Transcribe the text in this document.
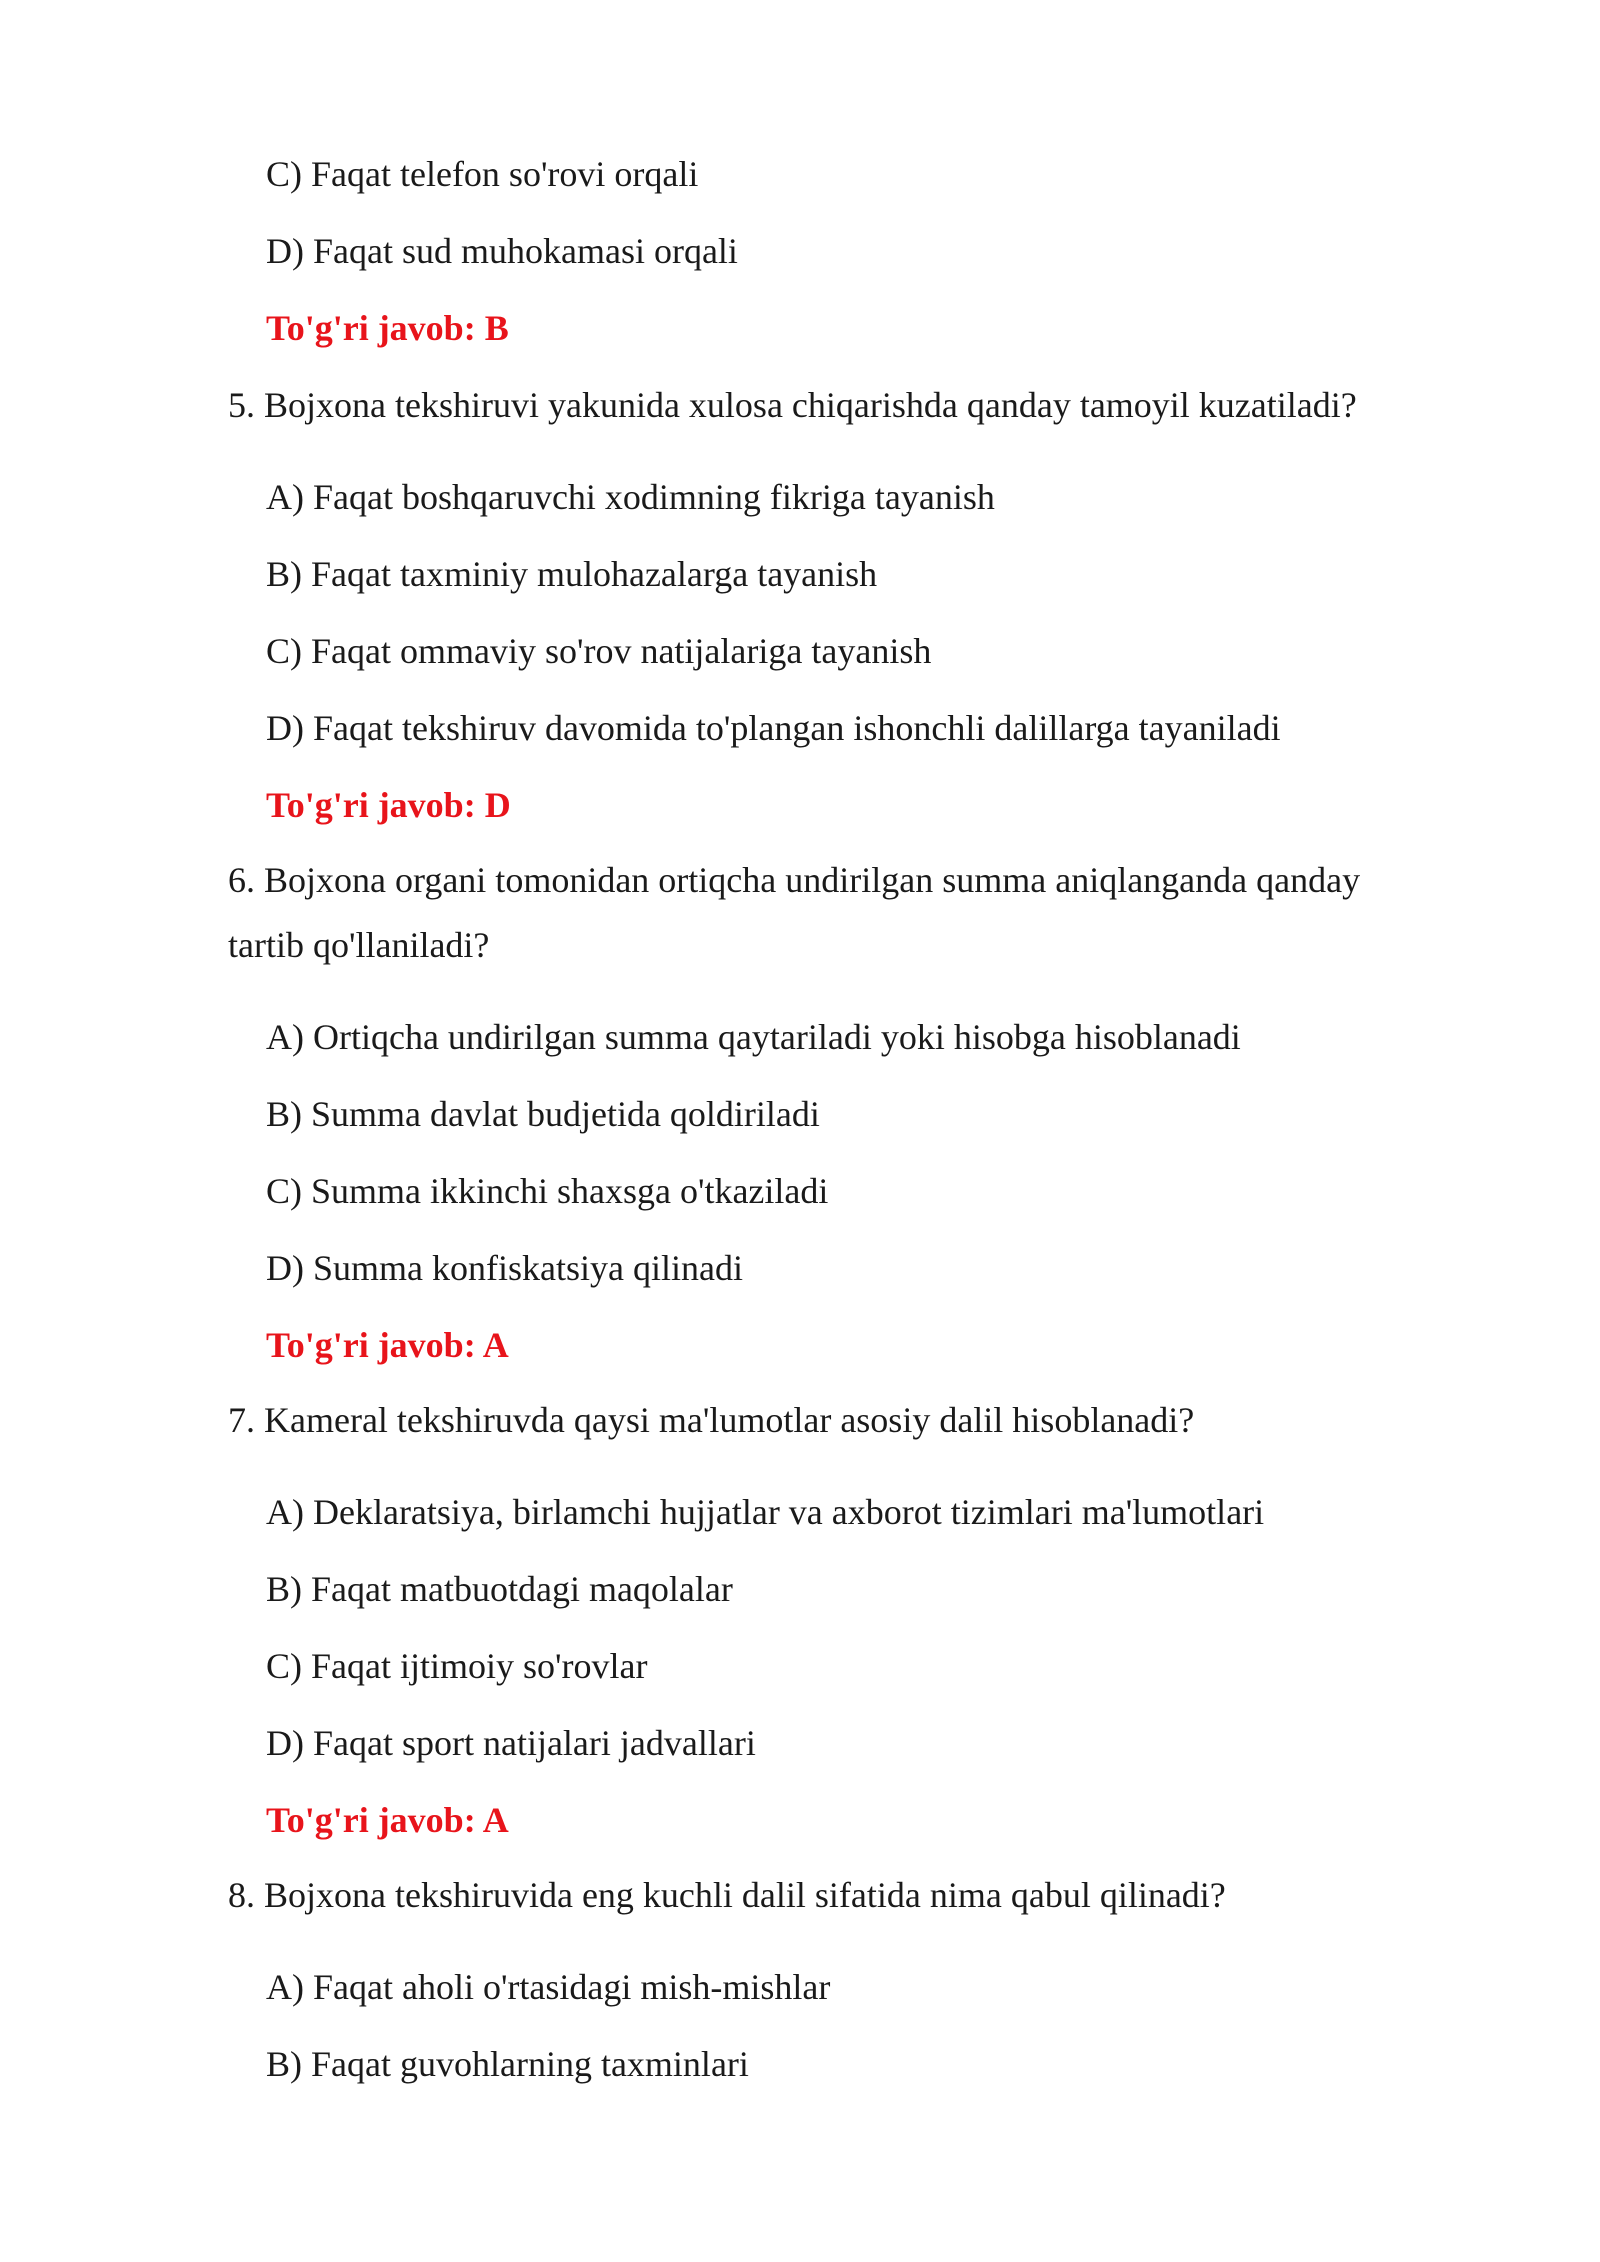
C) Faqat telefon so'rovi orqali
D) Faqat sud muhokamasi orqali
To'g'ri javob: B
5. Bojxona tekshiruvi yakunida xulosa chiqarishda qanday tamoyil kuzatiladi?
A) Faqat boshqaruvchi xodimning fikriga tayanish
B) Faqat taxminiy mulohazalarga tayanish
C) Faqat ommaviy so'rov natijalariga tayanish
D) Faqat tekshiruv davomida to'plangan ishonchli dalillarga tayaniladi
To'g'ri javob: D
6. Bojxona organi tomonidan ortiqcha undirilgan summa aniqlanganda qanday
tartib qo'llaniladi?
A) Ortiqcha undirilgan summa qaytariladi yoki hisobga hisoblanadi
B) Summa davlat budjetida qoldiriladi
C) Summa ikkinchi shaxsga o'tkaziladi
D) Summa konfiskatsiya qilinadi
To'g'ri javob: A
7. Kameral tekshiruvda qaysi ma'lumotlar asosiy dalil hisoblanadi?
A) Deklaratsiya, birlamchi hujjatlar va axborot tizimlari ma'lumotlari
B) Faqat matbuotdagi maqolalar
C) Faqat ijtimoiy so'rovlar
D) Faqat sport natijalari jadvallari
To'g'ri javob: A
8. Bojxona tekshiruvida eng kuchli dalil sifatida nima qabul qilinadi?
A) Faqat aholi o'rtasidagi mish-mishlar
B) Faqat guvohlarning taxminlari
